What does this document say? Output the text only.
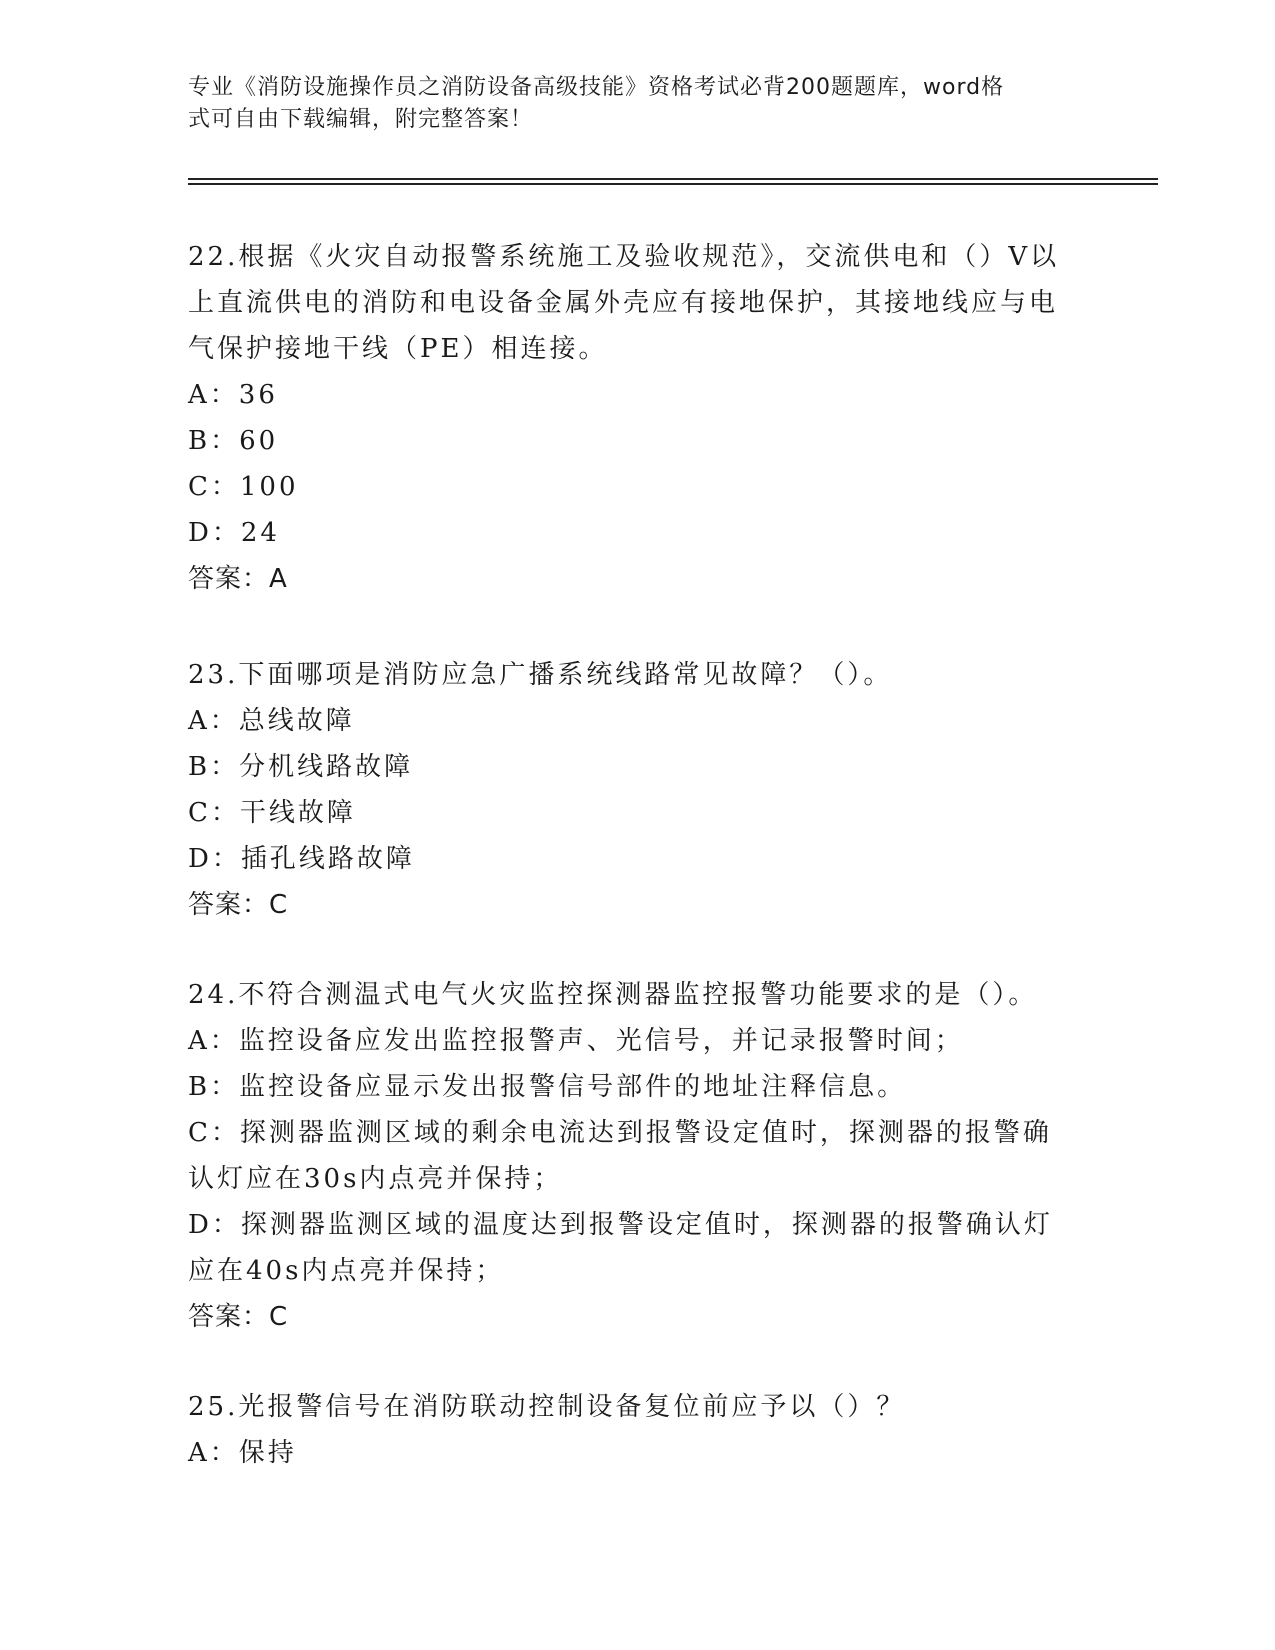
专业《消防设施操作员之消防设备高级技能》资格考试必背200题题库，word格
式可自由下载编辑，附完整答案！

22.根据《火灾自动报警系统施工及验收规范》，交流供电和（）V以上直流供电的消防和电设备金属外壳应有接地保护，其接地线应与电气保护接地干线（PE）相连接。

A：36

B：60

C：100

D：24

答案：A

23.下面哪项是消防应急广播系统线路常见故障？（）。

A：总线故障

B：分机线路故障

C：干线故障

D：插孔线路故障

答案：C

24.不符合测温式电气火灾监控探测器监控报警功能要求的是（）。

A：监控设备应发出监控报警声、光信号，并记录报警时间；

B：监控设备应显示发出报警信号部件的地址注释信息。

C：探测器监测区域的剩余电流达到报警设定值时，探测器的报警确认灯应在30s内点亮并保持；

D：探测器监测区域的温度达到报警设定值时，探测器的报警确认灯应在40s内点亮并保持；

答案：C

25.光报警信号在消防联动控制设备复位前应予以（）？

A：保持
